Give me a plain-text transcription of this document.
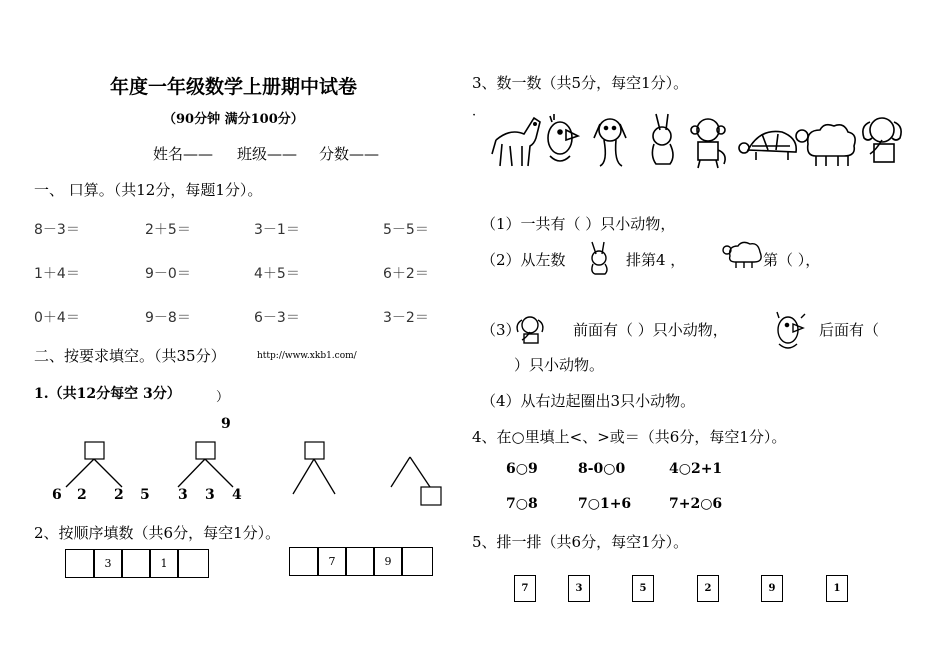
年度一年级数学上册期中试卷
（90分钟 满分100分）
姓名—— 班级—— 分数——
一、 口算。（共12分，每题1分）。
8－3＝	2＋5＝	3－1＝	5－5＝
1＋4＝	9－0＝	4＋5＝	6＋2＝
0＋4＝	9－8＝	6－3＝	3－2＝
二、按要求填空。（共35分）	http://www.xkb1.com/
1.（共12分每空 3分）	）
9
6 2 2 5 3 3 4
2、按顺序填数（共6分，每空1分）。
3	1	7	9
3、数一数（共5分，每空1分）。
·
（1）一共有（ ）只小动物，
（2）从左数	排第4 ，	第（ ），
（3）	前面有（ ）只小动物，	后面有（
）只小动物。
（4）从右边起圈出3只小动物。
4、在○里填上<、>或＝（共6分，每空1分）。
6○9	8-0○0	4○2+1
7○8	7○1+6	7+2○6
5、排一排（共6分，每空1分）。
7	3	5	2	9	1
